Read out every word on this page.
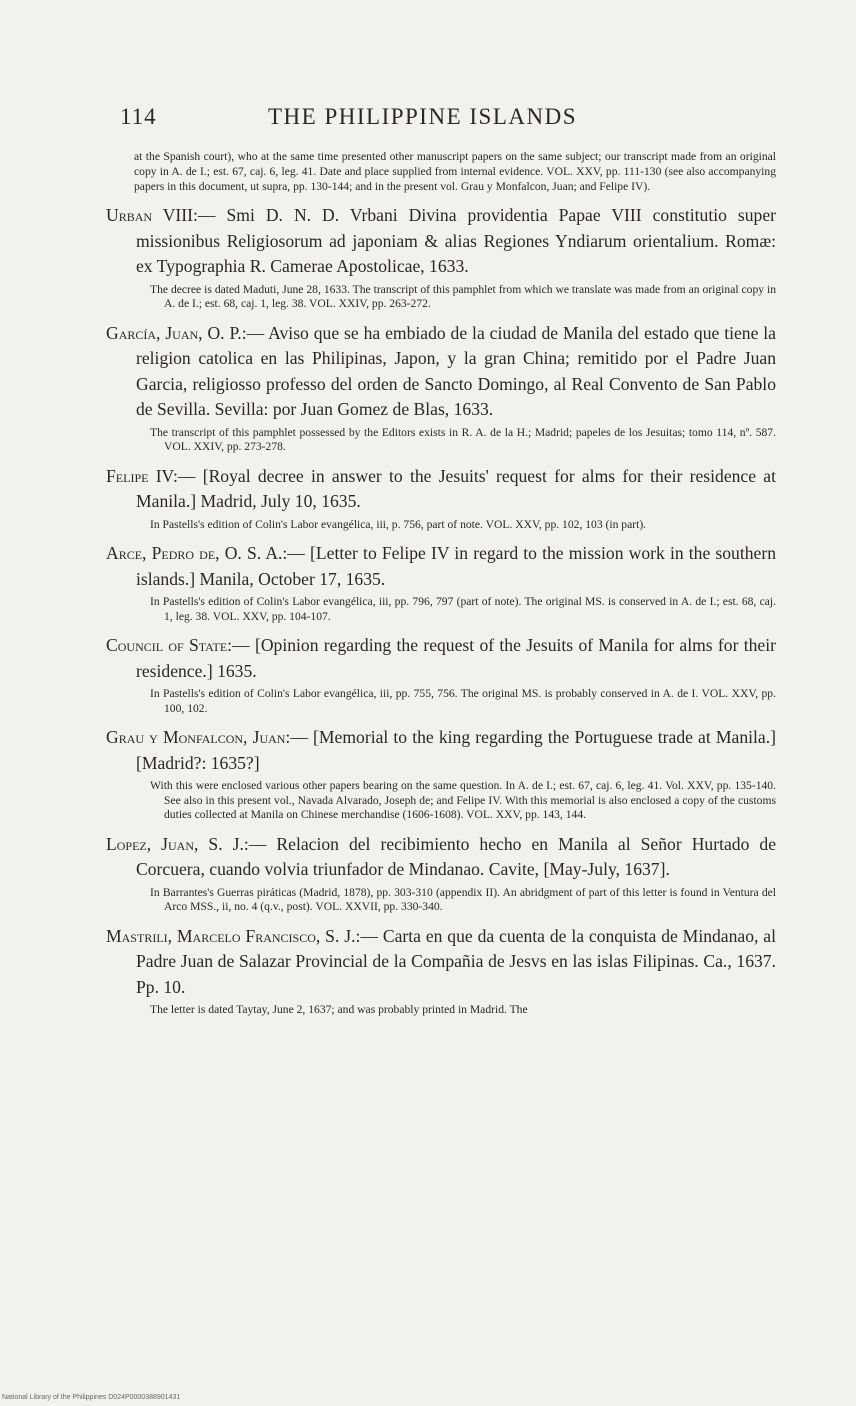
114	THE PHILIPPINE ISLANDS

at the Spanish court), who at the same time presented other manuscript papers on the same subject; our transcript made from an original copy in A. de I.; est. 67, caj. 6, leg. 41. Date and place supplied from internal evidence. VOL. XXV, pp. 111-130 (see also accompanying papers in this document, ut supra, pp. 130-144; and in the present vol. Grau y Monfalcon, Juan; and Felipe IV).

Urban VIII:— Smi D. N. D. Vrbani Divina providentia Papae VIII constitutio super missionibus Religiosorum ad japoniam & alias Regiones Yndiarum orientalium. Romæ: ex Typographia R. Camerae Apostolicae, 1633.

The decree is dated Maduti, June 28, 1633. The transcript of this pamphlet from which we translate was made from an original copy in A. de I.; est. 68, caj. 1, leg. 38. VOL. XXIV, pp. 263-272.

García, Juan, O. P.:— Aviso que se ha embiado de la ciudad de Manila del estado que tiene la religion catolica en las Philipinas, Japon, y la gran China; remitido por el Padre Juan Garcia, religiosso professo del orden de Sancto Domingo, al Real Convento de San Pablo de Sevilla. Sevilla: por Juan Gomez de Blas, 1633.

The transcript of this pamphlet possessed by the Editors exists in R. A. de la H.; Madrid; papeles de los Jesuitas; tomo 114, nº. 587. VOL. XXIV, pp. 273-278.

Felipe IV:— [Royal decree in answer to the Jesuits' request for alms for their residence at Manila.] Madrid, July 10, 1635.

In Pastells's edition of Colin's Labor evangélica, iii, p. 756, part of note. VOL. XXV, pp. 102, 103 (in part).

Arce, Pedro de, O. S. A.:— [Letter to Felipe IV in regard to the mission work in the southern islands.] Manila, October 17, 1635.

In Pastells's edition of Colin's Labor evangélica, iii, pp. 796, 797 (part of note). The original MS. is conserved in A. de I.; est. 68, caj. 1, leg. 38. VOL. XXV, pp. 104-107.

Council of State:— [Opinion regarding the request of the Jesuits of Manila for alms for their residence.] 1635.

In Pastells's edition of Colin's Labor evangélica, iii, pp. 755, 756. The original MS. is probably conserved in A. de I. VOL. XXV, pp. 100, 102.

Grau y Monfalcon, Juan:— [Memorial to the king regarding the Portuguese trade at Manila.] [Madrid?: 1635?]

With this were enclosed various other papers bearing on the same question. In A. de I.; est. 67, caj. 6, leg. 41. Vol. XXV, pp. 135-140. See also in this present vol., Navada Alvarado, Joseph de; and Felipe IV. With this memorial is also enclosed a copy of the customs duties collected at Manila on Chinese merchandise (1606-1608). VOL. XXV, pp. 143, 144.

Lopez, Juan, S. J.:— Relacion del recibimiento hecho en Manila al Señor Hurtado de Corcuera, cuando volvia triunfador de Mindanao. Cavite, [May-July, 1637].

In Barrantes's Guerras piráticas (Madrid, 1878), pp. 303-310 (appendix II). An abridgment of part of this letter is found in Ventura del Arco MSS., ii, no. 4 (q.v., post). VOL. XXVII, pp. 330-340.

Mastrili, Marcelo Francisco, S. J.:— Carta en que da cuenta de la conquista de Mindanao, al Padre Juan de Salazar Provincial de la Compañia de Jesvs en las islas Filipinas. Ca., 1637. Pp. 10.

The letter is dated Taytay, June 2, 1637; and was probably printed in Madrid. The

National Library of the Philippines D024P0000388901431
